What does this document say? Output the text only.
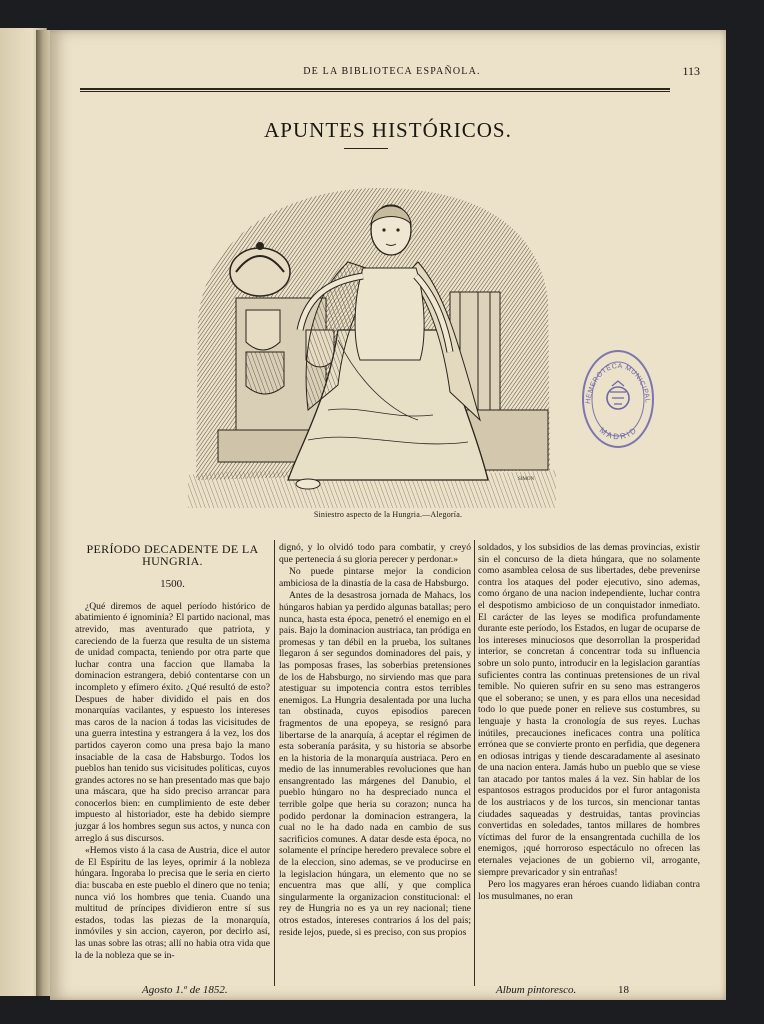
DE LA BIBLIOTECA ESPAÑOLA.	113
APUNTES HISTÓRICOS.
SIMON
Siniestro aspecto de la Hungria.—Alegoría.
HEMEROTECA MUNICIPAL
MADRID
PERÍODO DECADENTE DE LA HUNGRIA.
1500.

¿Qué diremos de aquel período histórico de abatimiento é ignominia? El partido nacional, mas atrevido, mas aventurado que patriota, y careciendo de la fuerza que resulta de un sistema de unidad compacta, teniendo por otra parte que luchar contra una faccion que llamaba la dominacion estrangera, debió contentarse con un incompleto y efímero éxito. ¿Qué resultó de esto? Despues de haber dividido el pais en dos monarquías vacilantes, y espuesto los intereses mas caros de la nacion á todas las vicisitudes de una guerra intestina y estrangera á la vez, los dos partidos cayeron como una presa bajo la mano insaciable de la casa de Habsburgo. Todos los pueblos han tenido sus vicisitudes políticas, cuyos grandes actores no se han presentado mas que bajo una máscara, que ha sido preciso arrancar para conocerlos bien: en cumplimiento de este deber impuesto al historiador, este ha debido siempre juzgar á los hombres segun sus actos, y nunca con arreglo á sus discursos.

«Hemos visto á la casa de Austria, dice el autor de El Espíritu de las leyes, oprimir á la nobleza húngara. Ingoraba lo precisa que le seria en cierto dia: buscaba en este pueblo el dinero que no tenia; nunca vió los hombres que tenia. Cuando una multitud de príncipes dividieron entre sí sus estados, todas las piezas de la monarquía, inmóviles y sin accion, cayeron, por decirlo así, las unas sobre las otras; allí no habia otra vida que la de la nobleza que se in-

dignó, y lo olvidó todo para combatir, y creyó que pertenecia á su gloria perecer y perdonar.»

No puede pintarse mejor la condicion ambiciosa de la dinastía de la casa de Habsburgo.

Antes de la desastrosa jornada de Mahacs, los húngaros habian ya perdido algunas batallas; pero nunca, hasta esta época, penetró el enemigo en el pais. Bajo la dominacion austriaca, tan pródiga en promesas y tan débil en la prueba, los sultanes llegaron á ser segundos dominadores del pais, y las pomposas frases, las soberbias pretensiones de los de Habsburgo, no sirviendo mas que para atestiguar su impotencia contra estos terribles enemigos. La Hungria desalentada por una lucha tan obstinada, cuyos episodios parecen fragmentos de una epopeya, se resignó para libertarse de la anarquía, á aceptar el régimen de esta soberanía parásita, y su historia se absorbe en la historia de la monarquía austriaca. Pero en medio de las innumerables revoluciones que han ensangrentado las márgenes del Danubio, el pueblo húngaro no ha despreciado nunca el terrible golpe que heria su corazon; nunca ha podido perdonar la dominacion estrangera, la cual no le ha dado nada en cambio de sus sacrificios comunes. A datar desde esta época, no solamente el príncipe heredero prevalece sobre el de la eleccion, sino ademas, se ve producirse en la legislacion húngara, un elemento que no se encuentra mas que allí, y que complica singularmente la organizacion constitucional: el rey de Hungria no es ya un rey nacional; tiene otros estados, intereses contrarios á los del pais; reside lejos, puede, si es preciso, con sus propios

soldados, y los subsidios de las demas provincias, existir sin el concurso de la dieta húngara, que no solamente como asamblea celosa de sus libertades, debe prevenirse contra los ataques del poder ejecutivo, sino ademas, como órgano de una nacion independiente, luchar contra el despotismo ambicioso de un conquistador inmediato. El carácter de las leyes se modifica profundamente durante este período, los Estados, en lugar de ocuparse de los intereses minuciosos que desorrollan la prosperidad interior, se concretan á concentrar toda su influencia sobre un solo punto, introducir en la legislacion garantías suficientes contra las continuas pretensiones de un rival temible. No quieren sufrir en su seno mas estrangeros que el soberano; se unen, y es para ellos una necesidad todo lo que puede poner en relieve sus costumbres, su lenguaje y hasta la cronología de sus reyes. Luchas inútiles, precauciones ineficaces contra una política errónea que se convierte pronto en perfidia, que degenera en odiosas intrigas y tiende descaradamente al asesinato de una nacion entera. Jamás hubo un pueblo que se viese tan atacado por tantos males á la vez. Sin hablar de los espantosos estragos producidos por el furor antagonista de los austriacos y de los turcos, sin mencionar tantas ciudades saqueadas y destruidas, tantas provincias convertidas en soledades, tantos millares de hombres víctimas del furor de la ensangrentada cuchilla de los enemigos, ¡qué horroroso espectáculo no ofrecen las eternales vejaciones de un gobierno vil, arrogante, siempre prevaricador y sin entrañas!

Pero los magyares eran héroes cuando lidiaban contra los musulmanes, no eran

Agosto 1.º de 1852.	Album pintoresco.	18
